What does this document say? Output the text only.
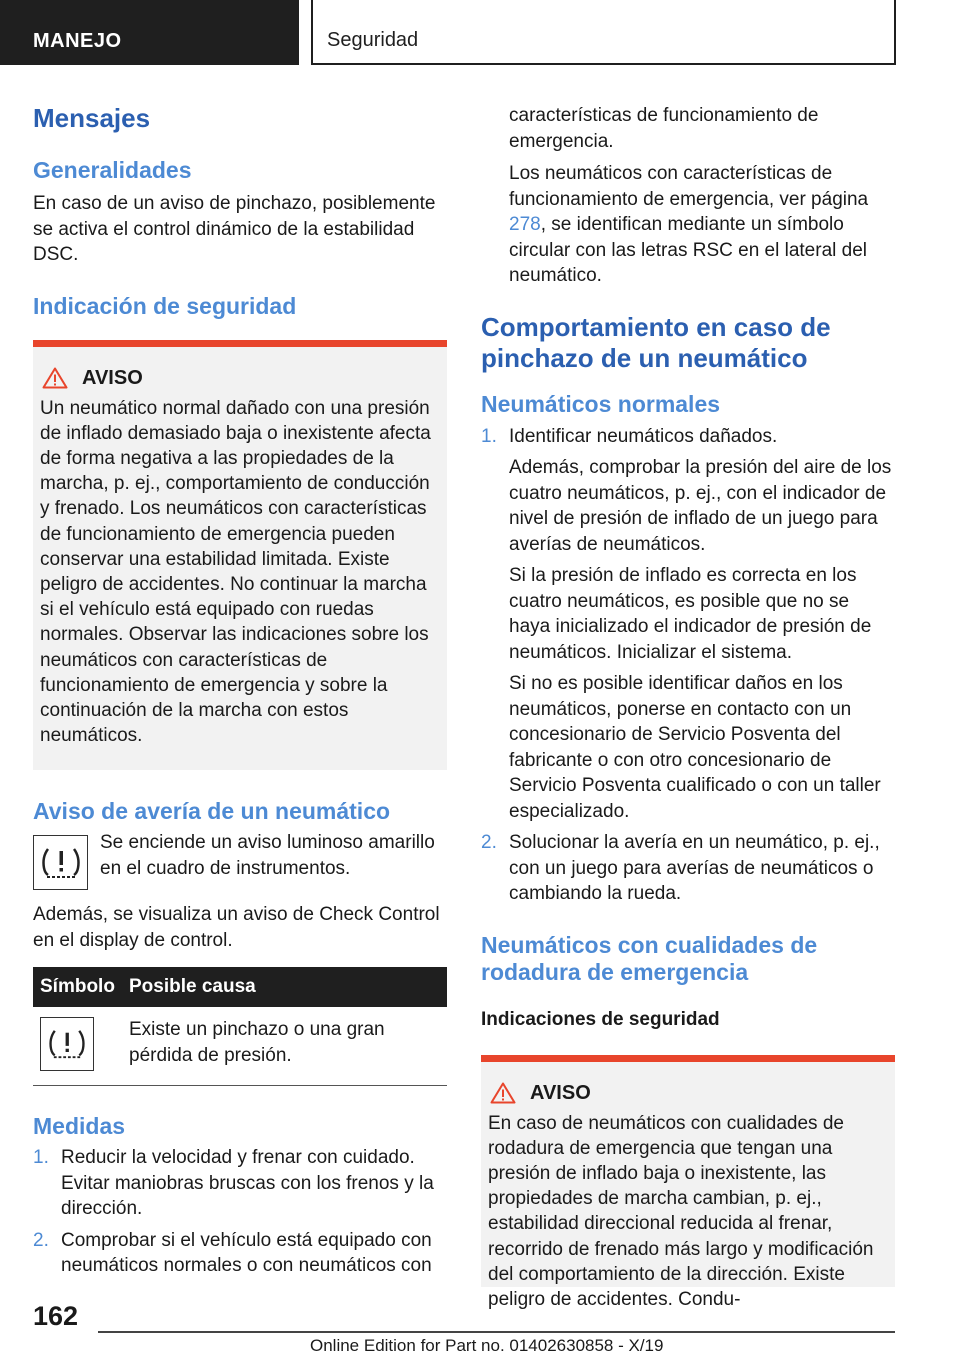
MANEJO	Seguridad
Mensajes
Generalidades
En caso de un aviso de pinchazo, posiblemente se activa el control dinámico de la estabilidad DSC.
Indicación de seguridad
AVISO
Un neumático normal dañado con una presión de inflado demasiado baja o inexistente afecta de forma negativa a las propiedades de la marcha, p. ej., comportamiento de conducción y frenado. Los neumáticos con características de funcionamiento de emergencia pueden conservar una estabilidad limitada. Existe peligro de accidentes. No continuar la marcha si el vehículo está equipado con ruedas normales. Observar las indicaciones sobre los neumáticos con características de funcionamiento de emergencia y sobre la continuación de la marcha con estos neumáticos.
Aviso de avería de un neumático
Se enciende un aviso luminoso amarillo en el cuadro de instrumentos.
Además, se visualiza un aviso de Check Control en el display de control.
Símbolo	Posible causa

	Existe un pinchazo o una gran pérdida de presión.
Medidas
1. Reducir la velocidad y frenar con cuidado. Evitar maniobras bruscas con los frenos y la dirección.
2. Comprobar si el vehículo está equipado con neumáticos normales o con neumáticos con
características de funcionamiento de emergencia.
Los neumáticos con características de funcionamiento de emergencia, ver página 278, se identifican mediante un símbolo circular con las letras RSC en el lateral del neumático.
Comportamiento en caso de pinchazo de un neumático
Neumáticos normales
1. Identificar neumáticos dañados.
Además, comprobar la presión del aire de los cuatro neumáticos, p. ej., con el indicador de nivel de presión de inflado de un juego para averías de neumáticos.
Si la presión de inflado es correcta en los cuatro neumáticos, es posible que no se haya inicializado el indicador de presión de neumáticos. Inicializar el sistema.
Si no es posible identificar daños en los neumáticos, ponerse en contacto con un concesionario de Servicio Posventa del fabricante o con otro concesionario de Servicio Posventa cualificado o con un taller especializado.
2. Solucionar la avería en un neumático, p. ej., con un juego para averías de neumáticos o cambiando la rueda.
Neumáticos con cualidades de rodadura de emergencia
Indicaciones de seguridad
AVISO
En caso de neumáticos con cualidades de rodadura de emergencia que tengan una presión de inflado baja o inexistente, las propiedades de marcha cambian, p. ej., estabilidad direccional reducida al frenar, recorrido de frenado más largo y modificación del comportamiento de la dirección. Existe peligro de accidentes. Condu-
162
Online Edition for Part no. 01402630858 - X/19
